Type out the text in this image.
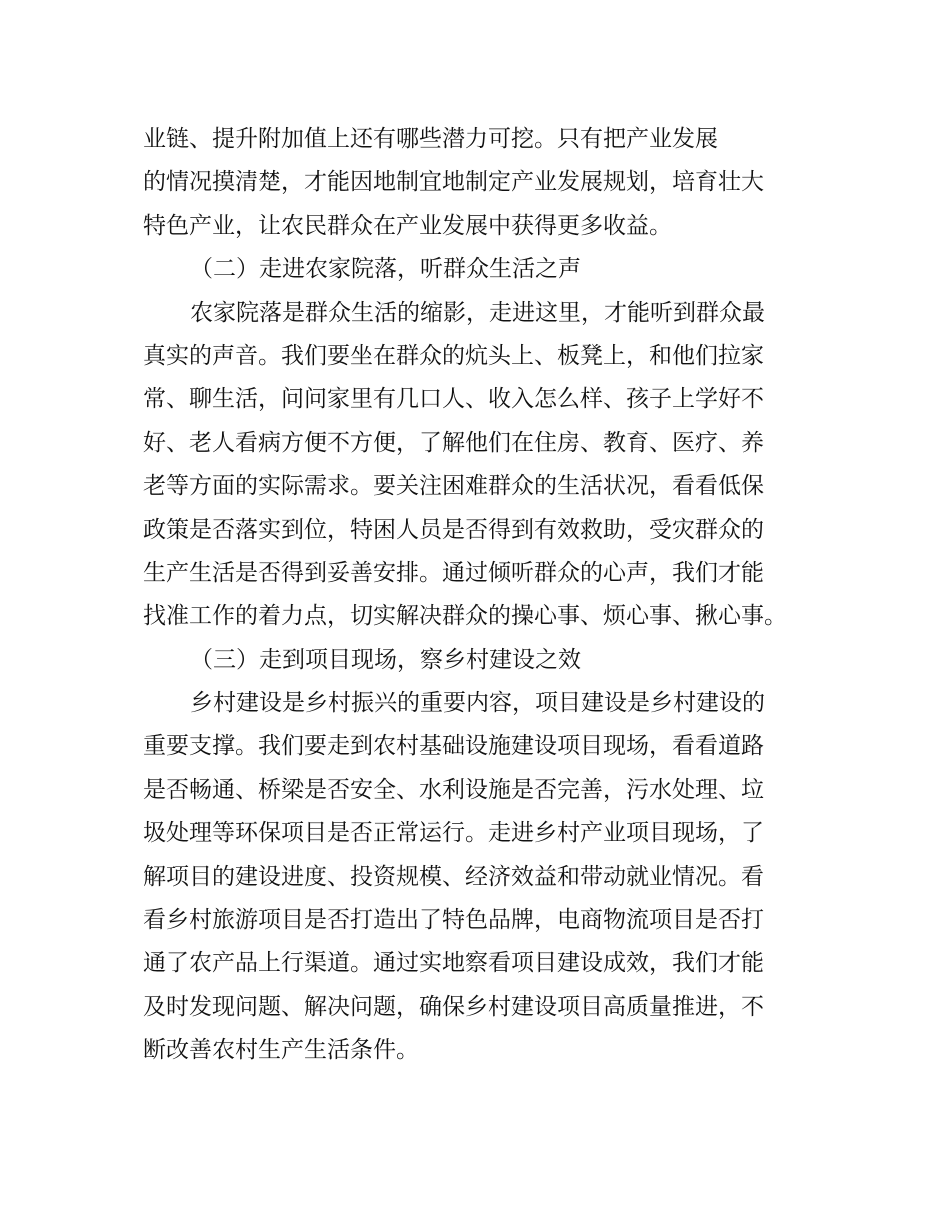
业链、提升附加值上还有哪些潜力可挖。只有把产业发展
的情况摸清楚，才能因地制宜地制定产业发展规划，培育壮大
特色产业，让农民群众在产业发展中获得更多收益。
（二）走进农家院落，听群众生活之声
农家院落是群众生活的缩影，走进这里，才能听到群众最
真实的声音。我们要坐在群众的炕头上、板凳上，和他们拉家
常、聊生活，问问家里有几口人、收入怎么样、孩子上学好不
好、老人看病方便不方便，了解他们在住房、教育、医疗、养
老等方面的实际需求。要关注困难群众的生活状况，看看低保
政策是否落实到位，特困人员是否得到有效救助，受灾群众的
生产生活是否得到妥善安排。通过倾听群众的心声，我们才能
找准工作的着力点，切实解决群众的操心事、烦心事、揪心事。
（三）走到项目现场，察乡村建设之效
乡村建设是乡村振兴的重要内容，项目建设是乡村建设的
重要支撑。我们要走到农村基础设施建设项目现场，看看道路
是否畅通、桥梁是否安全、水利设施是否完善，污水处理、垃
圾处理等环保项目是否正常运行。走进乡村产业项目现场，了
解项目的建设进度、投资规模、经济效益和带动就业情况。看
看乡村旅游项目是否打造出了特色品牌，电商物流项目是否打
通了农产品上行渠道。通过实地察看项目建设成效，我们才能
及时发现问题、解决问题，确保乡村建设项目高质量推进，不
断改善农村生产生活条件。
